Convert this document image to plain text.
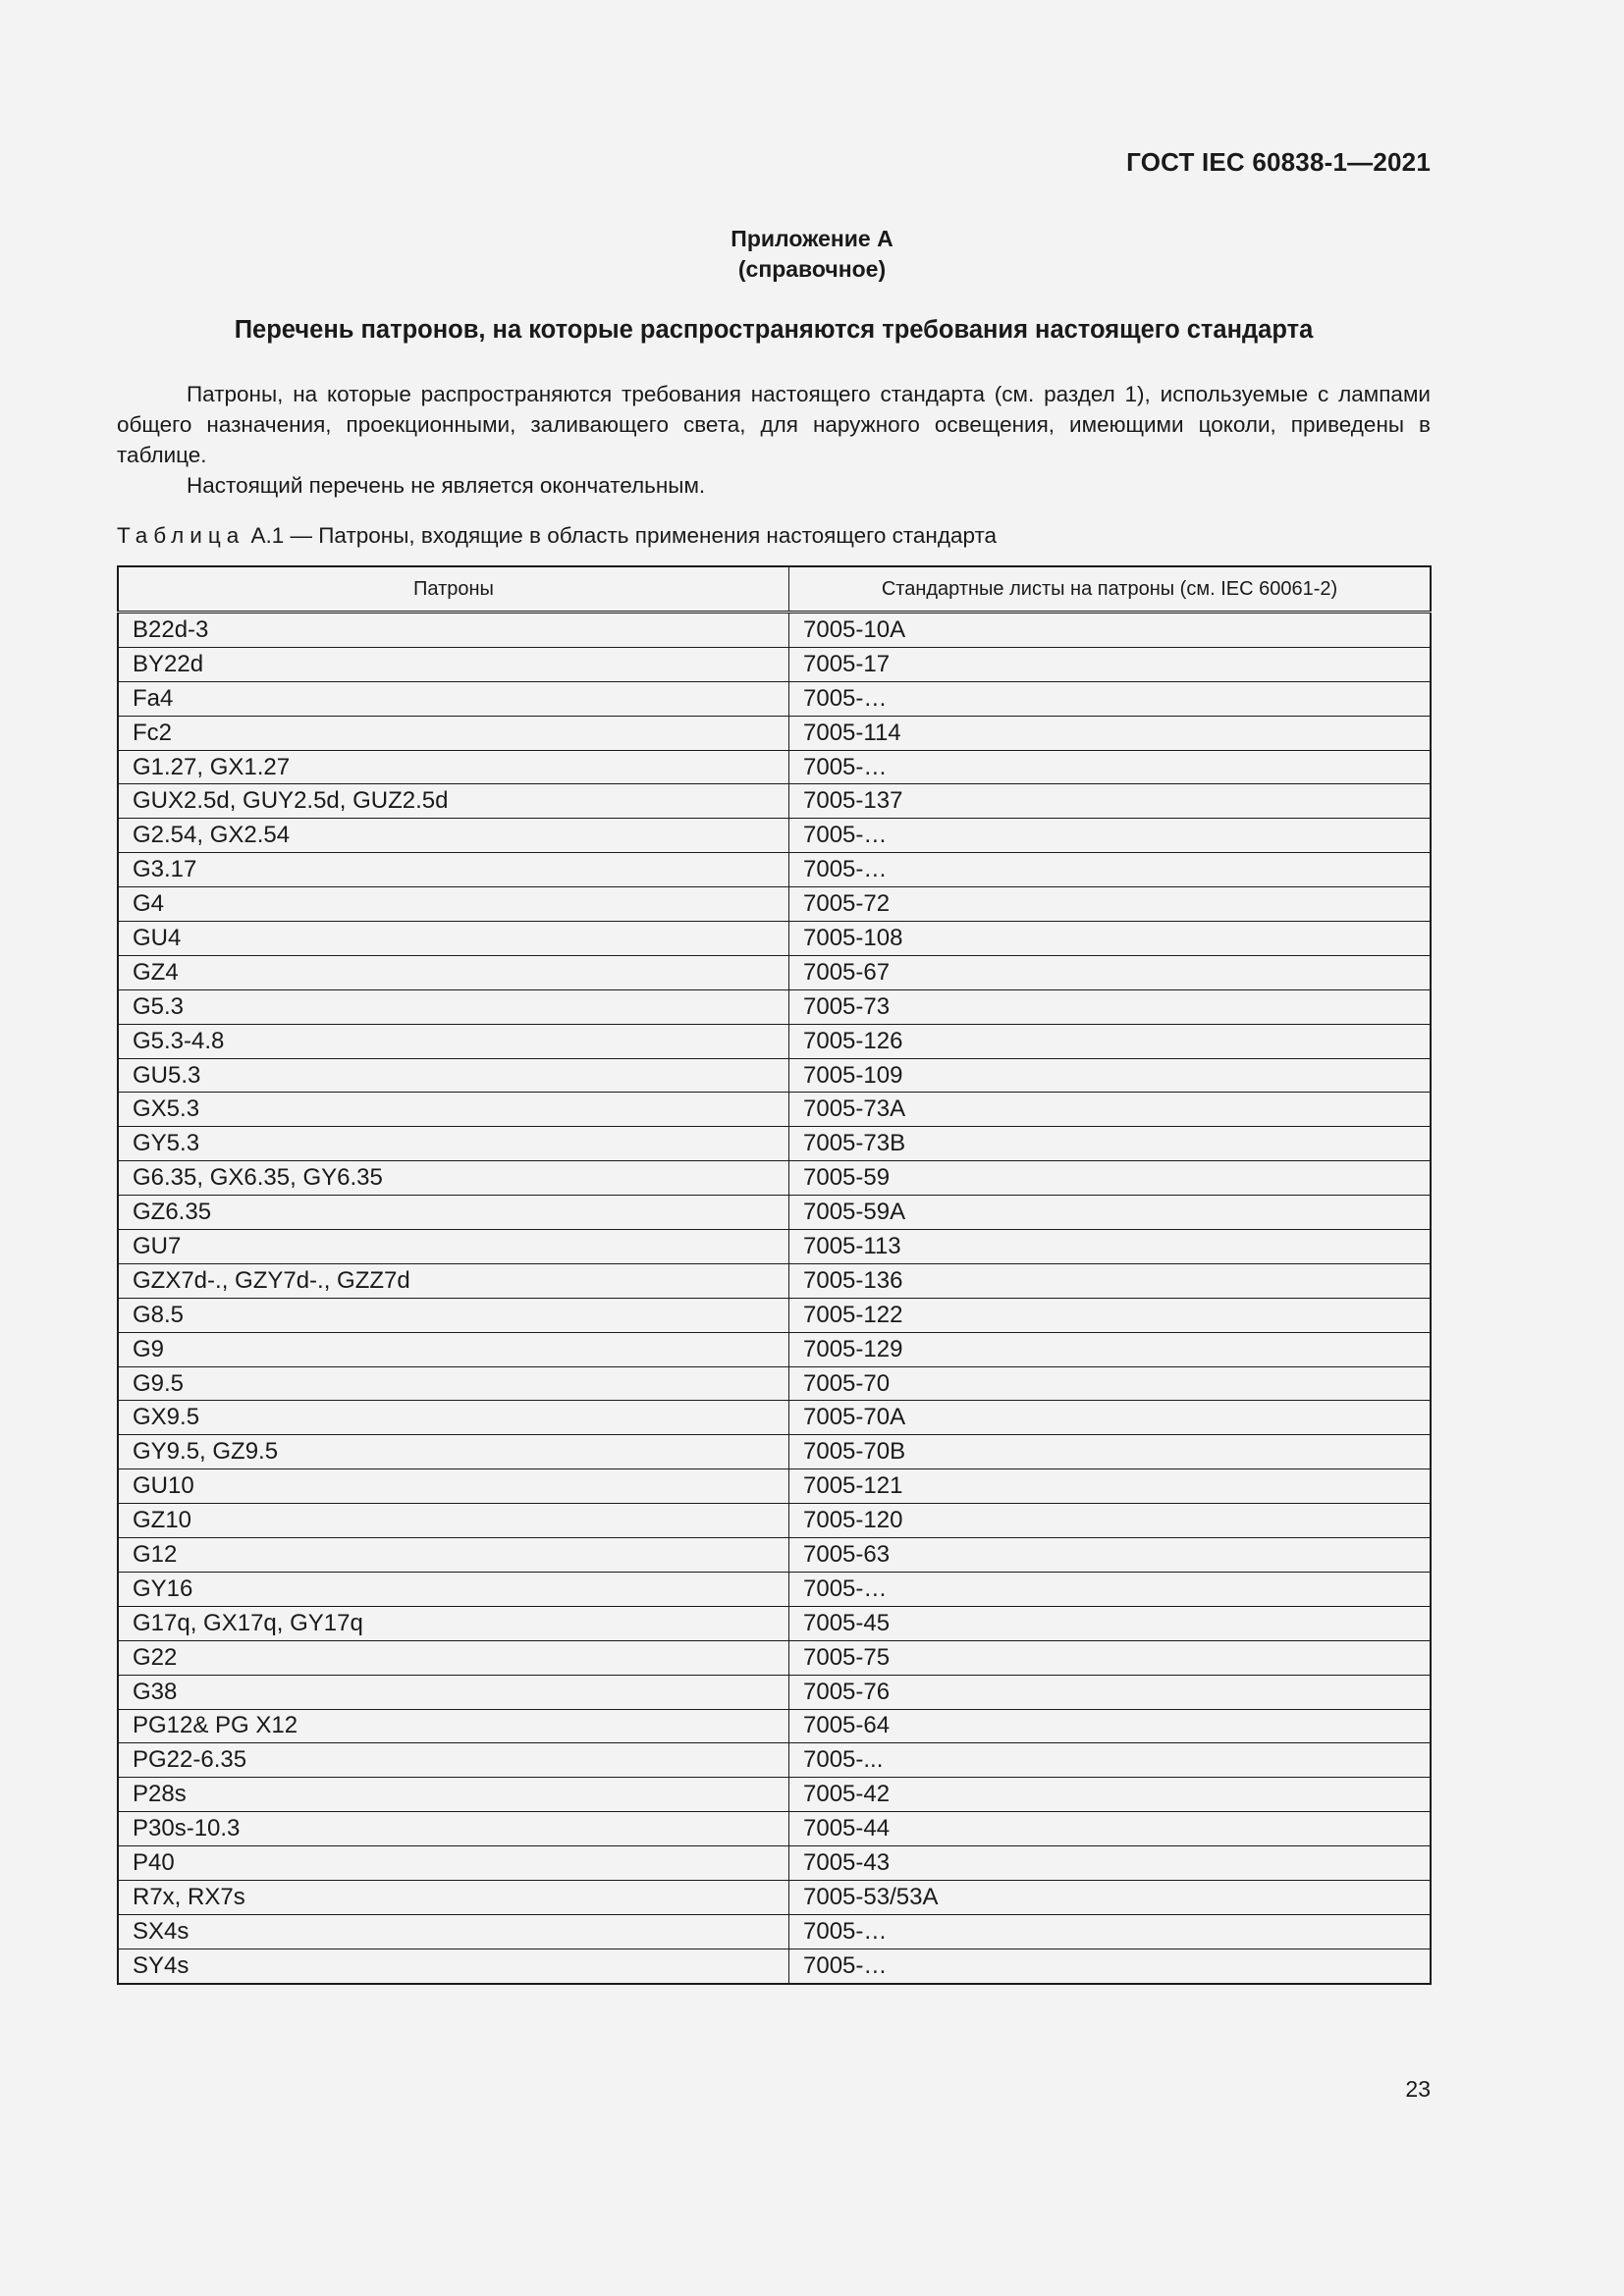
ГОСТ IEC 60838-1—2021
Приложение А
(справочное)
Перечень патронов, на которые распространяются требования настоящего стандарта

Патроны, на которые распространяются требования настоящего стандарта (см. раздел 1), используемые с лампами общего назначения, проекционными, заливающего света, для наружного освещения, имеющими цоколи, приведены в таблице.

Настоящий перечень не является окончательным.

Таблица А.1 — Патроны, входящие в область применения настоящего стандарта
Патроны	Стандартные листы на патроны (см. IEC 60061-2)
B22d-3	7005-10A
BY22d	7005-17
Fa4	7005-…
Fc2	7005-114
G1.27, GX1.27	7005-…
GUX2.5d, GUY2.5d, GUZ2.5d	7005-137
G2.54, GX2.54	7005-…
G3.17	7005-…
G4	7005-72
GU4	7005-108
GZ4	7005-67
G5.3	7005-73
G5.3-4.8	7005-126
GU5.3	7005-109
GX5.3	7005-73A
GY5.3	7005-73B
G6.35, GX6.35, GY6.35	7005-59
GZ6.35	7005-59A
GU7	7005-113
GZX7d-., GZY7d-., GZZ7d	7005-136
G8.5	7005-122
G9	7005-129
G9.5	7005-70
GX9.5	7005-70A
GY9.5, GZ9.5	7005-70B
GU10	7005-121
GZ10	7005-120
G12	7005-63
GY16	7005-…
G17q, GX17q, GY17q	7005-45
G22	7005-75
G38	7005-76
PG12& PG X12	7005-64
PG22-6.35	7005-...
P28s	7005-42
P30s-10.3	7005-44
P40	7005-43
R7x, RX7s	7005-53/53A
SX4s	7005-…
SY4s	7005-…
23
